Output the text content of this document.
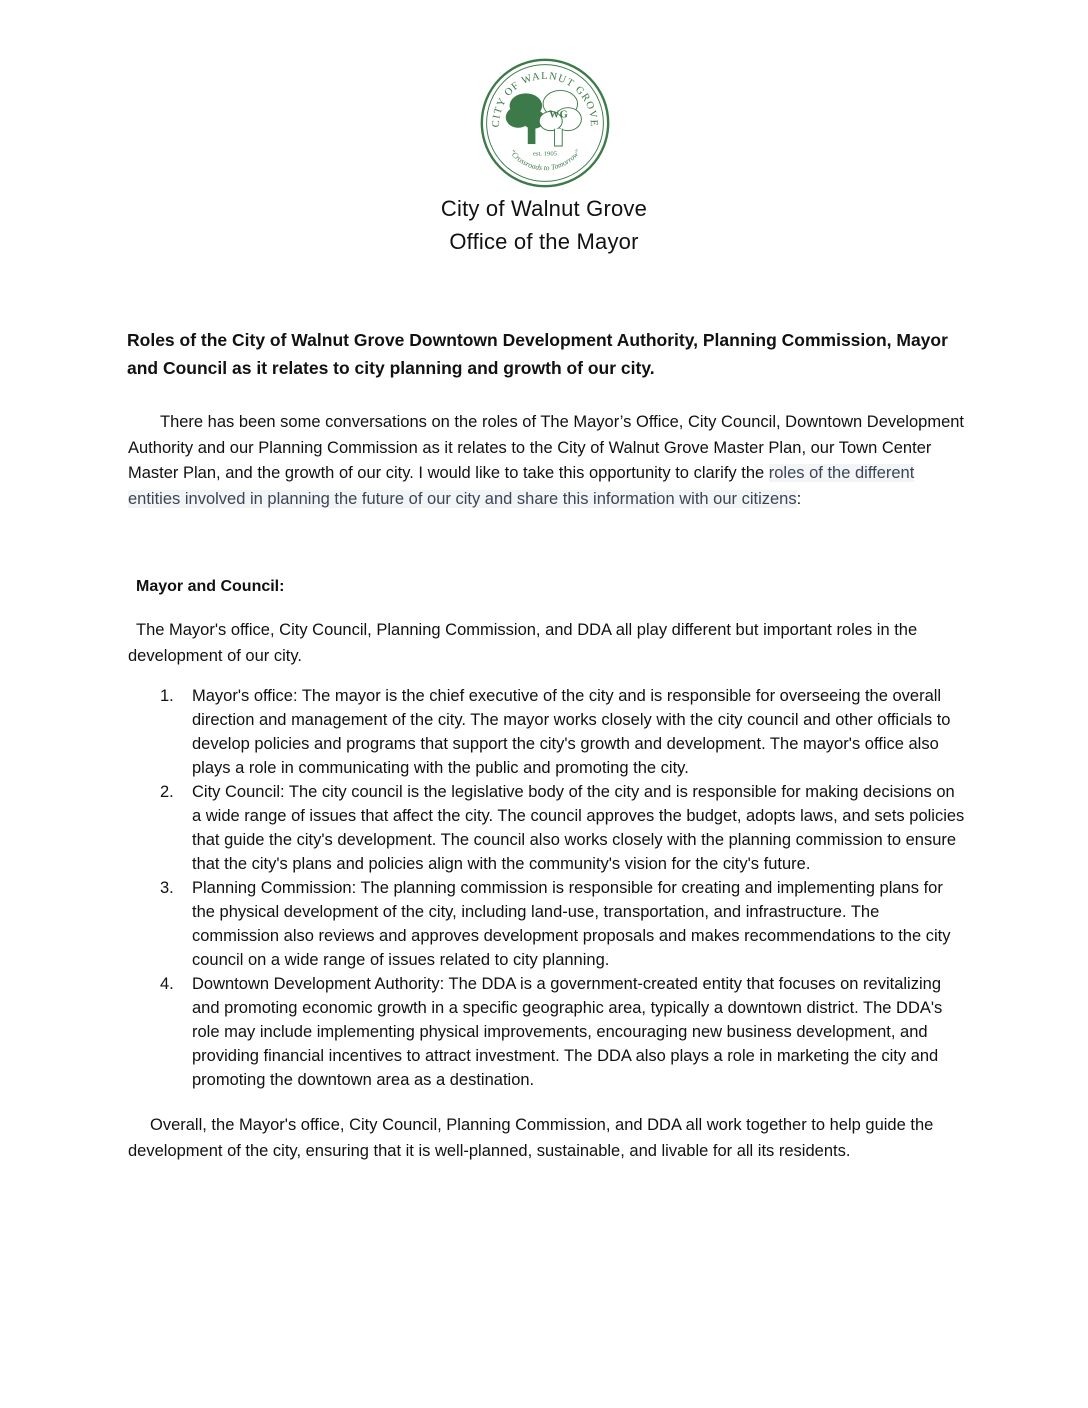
CITY OF WALNUT GROVE
"Crossroads to Tomorrow"
WG
est. 1905
City of Walnut Grove
Office of the Mayor
Roles of the City of Walnut Grove Downtown Development Authority, Planning Commission, Mayor and Council as it relates to city planning and growth of our city.
There has been some conversations on the roles of The Mayor’s Office, City Council, Downtown Development Authority and our Planning Commission as it relates to the City of Walnut Grove Master Plan, our Town Center Master Plan, and the growth of our city. I would like to take this opportunity to clarify the roles of the different entities involved in planning the future of our city and share this information with our citizens:
Mayor and Council:
The Mayor's office, City Council, Planning Commission, and DDA all play different but important roles in the development of our city.
1. Mayor's office: The mayor is the chief executive of the city and is responsible for overseeing the overall direction and management of the city. The mayor works closely with the city council and other officials to develop policies and programs that support the city's growth and development. The mayor's office also plays a role in communicating with the public and promoting the city.
2. City Council: The city council is the legislative body of the city and is responsible for making decisions on a wide range of issues that affect the city. The council approves the budget, adopts laws, and sets policies that guide the city's development. The council also works closely with the planning commission to ensure that the city's plans and policies align with the community's vision for the city's future.
3. Planning Commission: The planning commission is responsible for creating and implementing plans for the physical development of the city, including land-use, transportation, and infrastructure. The commission also reviews and approves development proposals and makes recommendations to the city council on a wide range of issues related to city planning.
4. Downtown Development Authority: The DDA is a government-created entity that focuses on revitalizing and promoting economic growth in a specific geographic area, typically a downtown district. The DDA's role may include implementing physical improvements, encouraging new business development, and providing financial incentives to attract investment. The DDA also plays a role in marketing the city and promoting the downtown area as a destination.
Overall, the Mayor's office, City Council, Planning Commission, and DDA all work together to help guide the development of the city, ensuring that it is well-planned, sustainable, and livable for all its residents.
